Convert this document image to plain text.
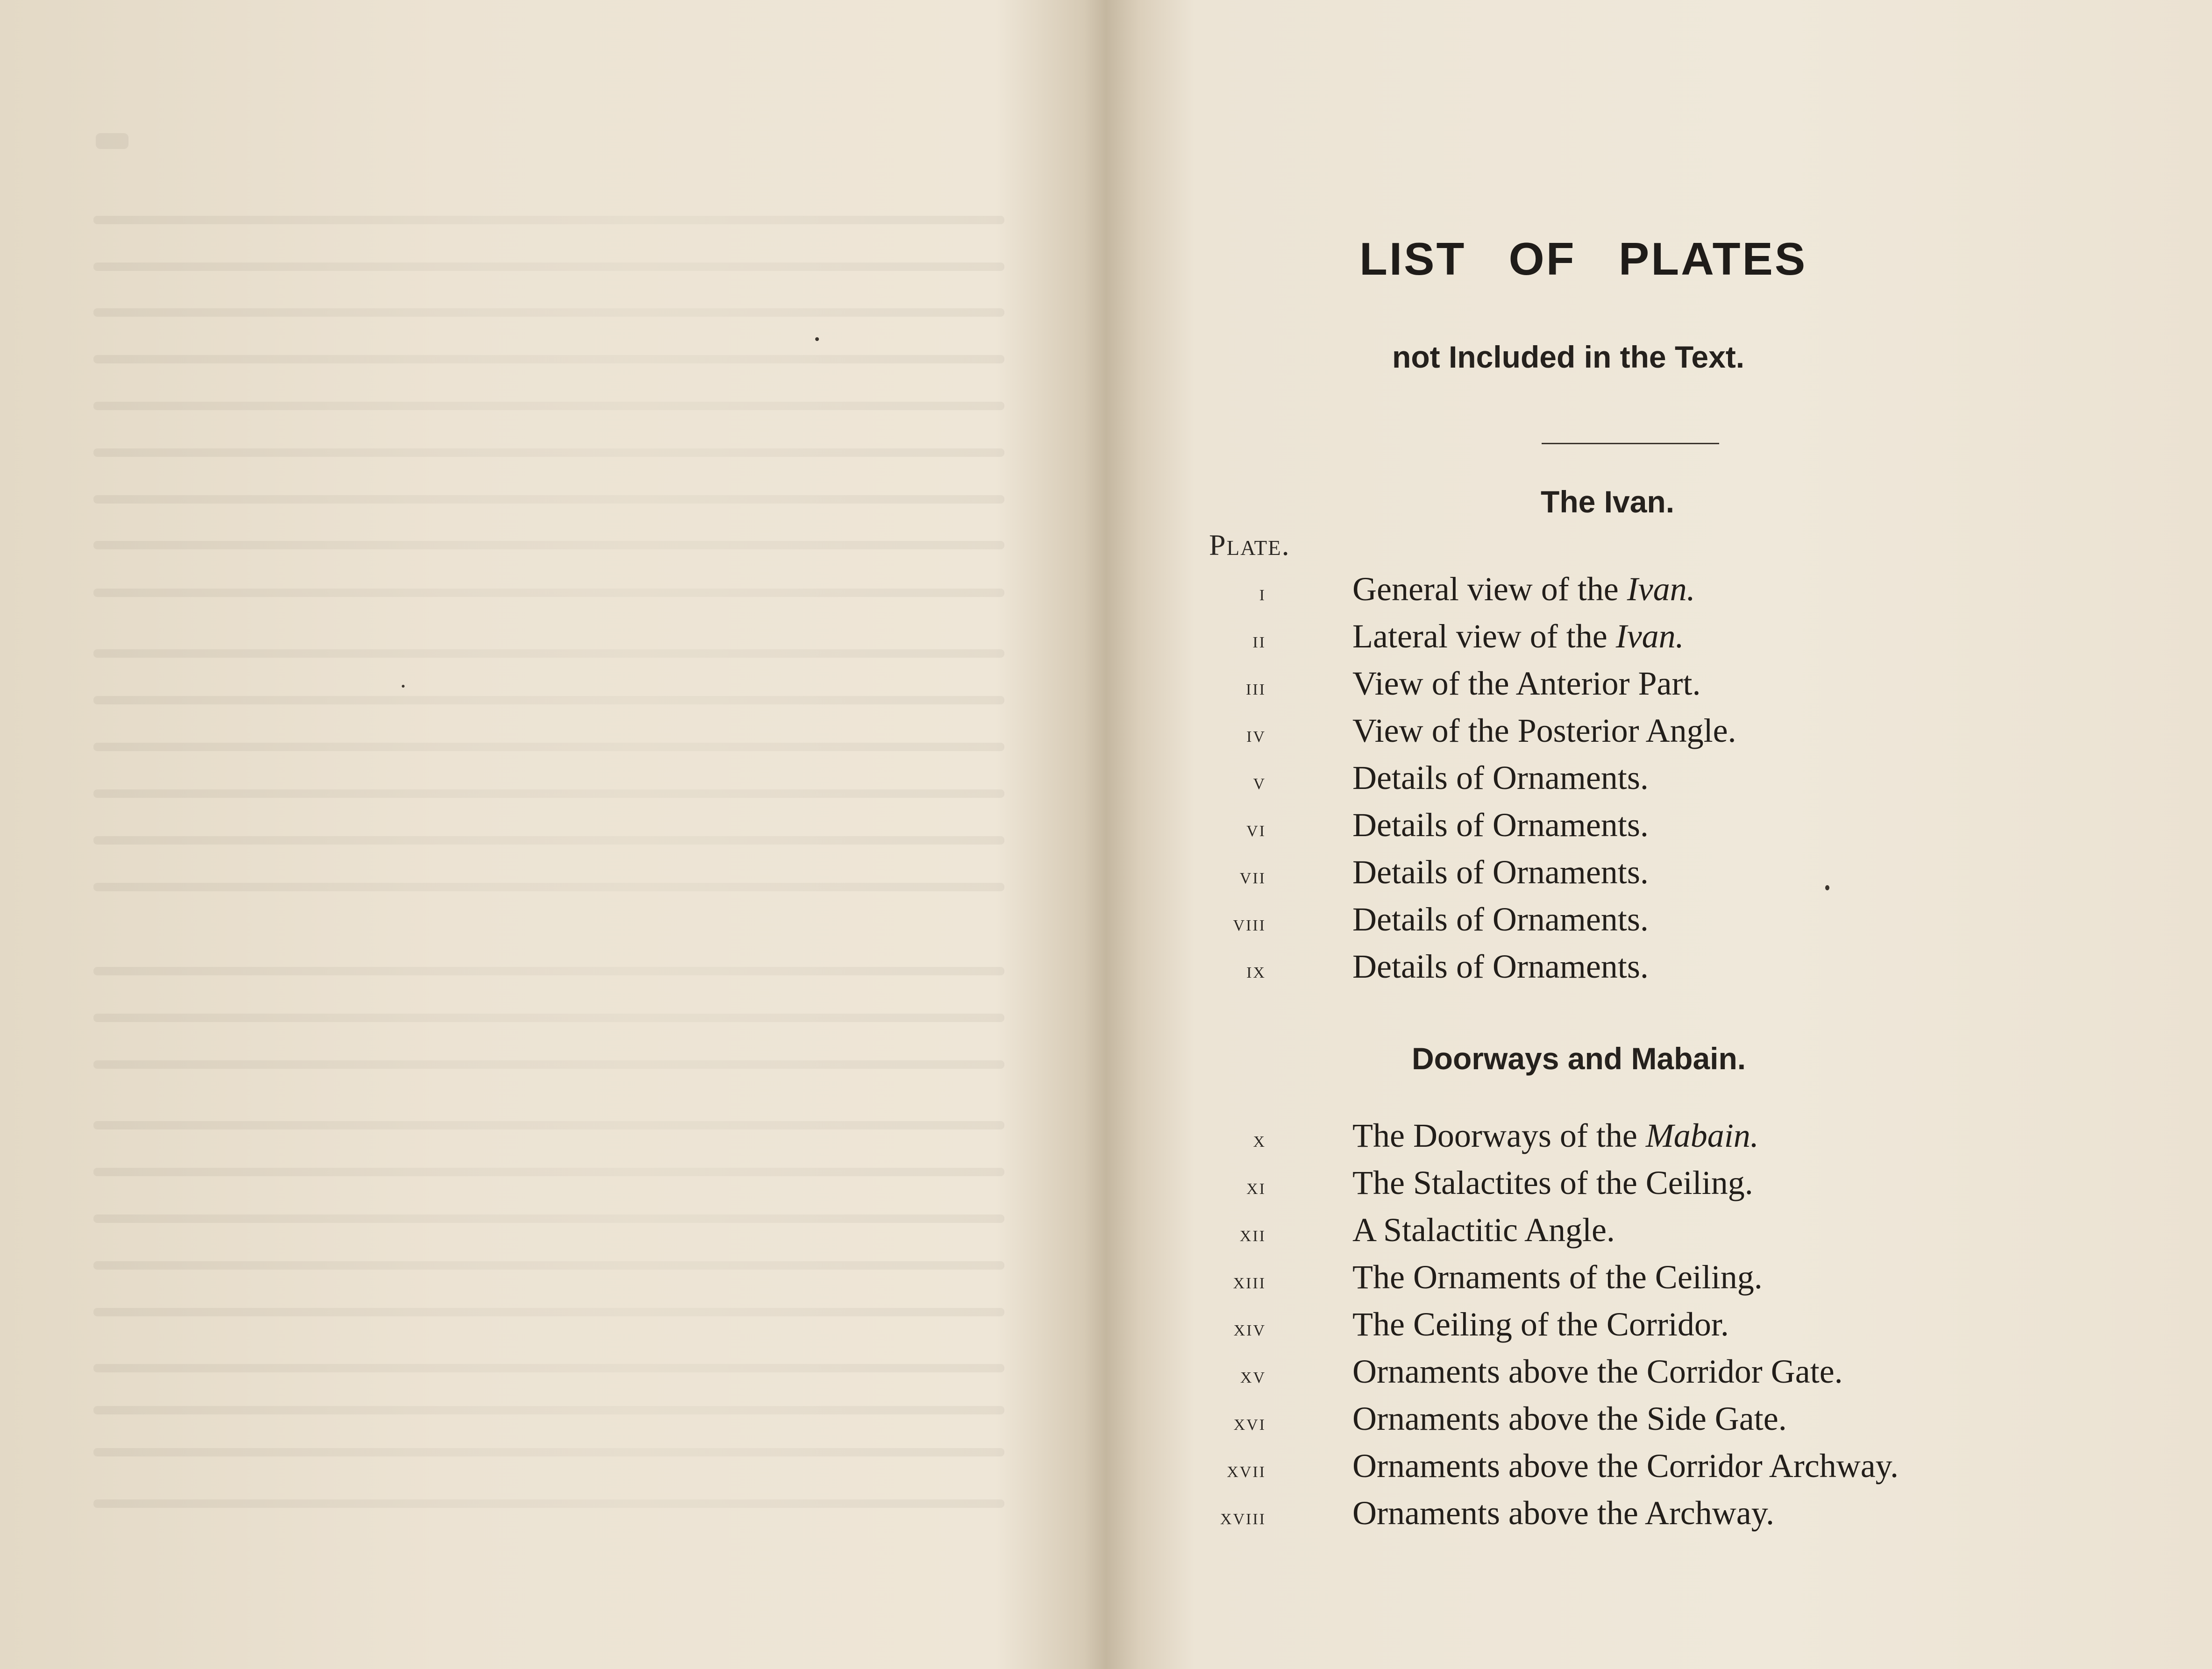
LIST OF PLATES
not Included in the Text.
The Ivan.
Plate.
i	General view of the Ivan.
ii	Lateral view of the Ivan.
iii	View of the Anterior Part.
iv	View of the Posterior Angle.
v	Details of Ornaments.
vi	Details of Ornaments.
vii	Details of Ornaments.
viii	Details of Ornaments.
ix	Details of Ornaments.
Doorways and Mabain.
x	The Doorways of the Mabain.
xi	The Stalactites of the Ceiling.
xii	A Stalactitic Angle.
xiii	The Ornaments of the Ceiling.
xiv	The Ceiling of the Corridor.
xv	Ornaments above the Corridor Gate.
xvi	Ornaments above the Side Gate.
xvii	Ornaments above the Corridor Archway.
xviii	Ornaments above the Archway.
